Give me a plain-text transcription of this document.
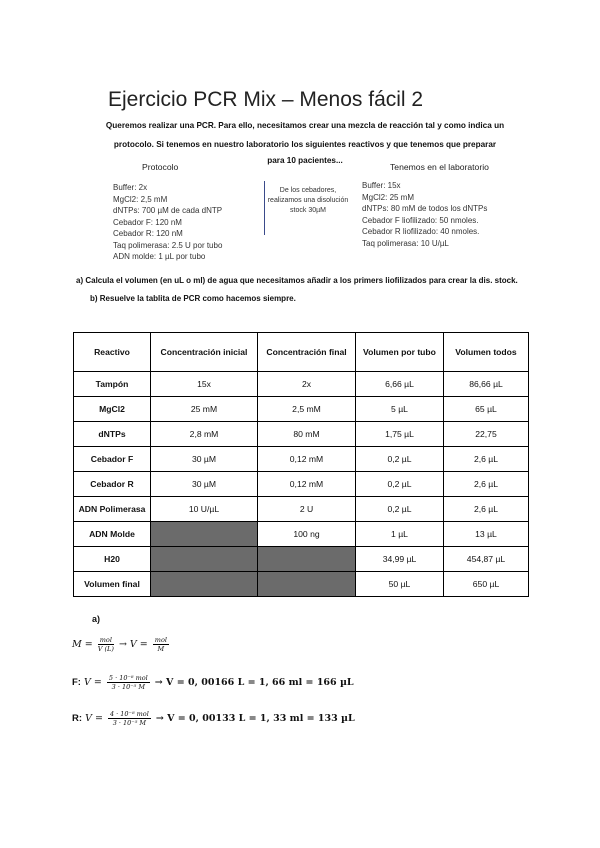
Ejercicio PCR Mix – Menos fácil 2
Queremos realizar una PCR. Para ello, necesitamos crear una mezcla de reacción tal y como indica un
protocolo. Si tenemos en nuestro laboratorio los siguientes reactivos y que tenemos que preparar
para 10 pacientes...
Protocolo
Buffer: 2x
MgCl2: 2,5 mM
dNTPs: 700 µM de cada dNTP
Cebador F: 120 nM
Cebador R: 120 nM
Taq polimerasa: 2.5 U por tubo
ADN molde: 1 µL por tubo
De los cebadores, realizamos una disolución stock 30µM
Tenemos en el laboratorio
Buffer: 15x
MgCl2: 25 mM
dNTPs: 80 mM de todos los dNTPs
Cebador F liofilizado: 50 nmoles.
Cebador R liofilizado: 40 nmoles.
Taq polimerasa: 10 U/µL
a) Calcula el volumen (en uL o ml) de agua que necesitamos añadir a los primers liofilizados para crear la dis. stock.
b) Resuelve la tablita de PCR como hacemos siempre.
Reactivo	Concentración inicial	Concentración final	Volumen por tubo	Volumen todos
Tampón	15x	2x	6,66 µL	86,66 µL
MgCl2	25 mM	2,5 mM	5 µL	65 µL
dNTPs	2,8 mM	80 mM	1,75 µL	22,75
Cebador F	30 µM	0,12 mM	0,2 µL	2,6 µL
Cebador R	30 µM	0,12 mM	0,2 µL	2,6 µL
ADN Polimerasa	10 U/µL	2 U	0,2 µL	2,6 µL
ADN Molde		100 ng	1 µL	13 µL
H20			34,99 µL	454,87 µL
Volumen final			50 µL	650 µL
a)
$M = \frac{\text{mol}}{V (L)} \to V = \frac{\text{mol}}{M}$
F: $V = \frac{\text{5 · 10⁻⁸ mol}}{\text{3 · 10⁻⁵ M}} \to V = 0$, 00166 L = 1, 66 ml = 166 µL
R: $V = \frac{\text{4 · 10⁻⁸ mol}}{\text{3 · 10⁻⁵ M}} \to V = 0$, 00133 L = 1, 33 ml = 133 µL
